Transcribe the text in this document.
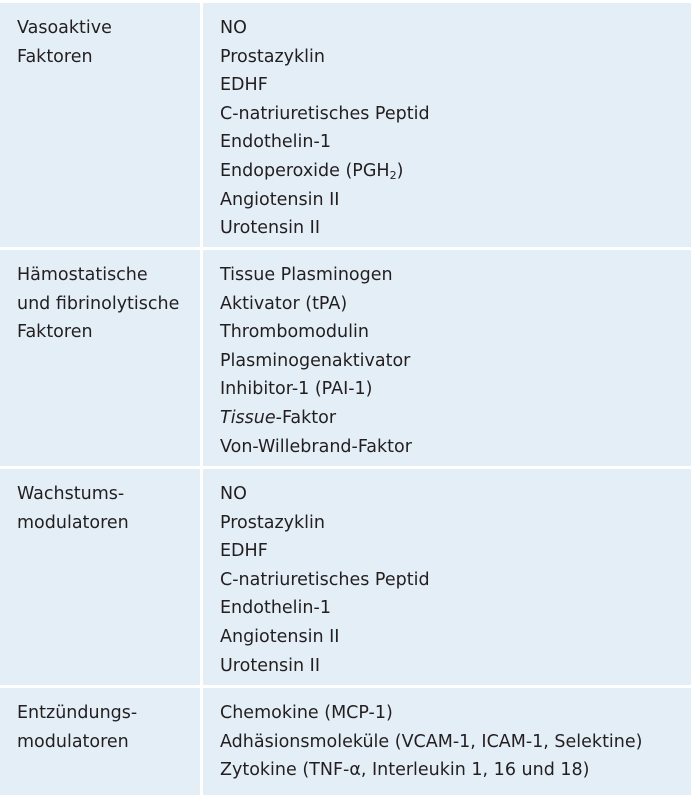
Vasoaktive
Faktoren
NO
Prostazyklin
EDHF
C-natriuretisches Peptid
Endothelin-1
Endoperoxide $(PGH_2)$
Angiotensin II
Urotensin II
Hämostatische
und fibrinolytische
Faktoren
Tissue Plasminogen
Aktivator (tPA)
Thrombomodulin
Plasminogenaktivator
Inhibitor-1 (PAI-1)
Tissue-Faktor
Von-Willebrand-Faktor
Wachstums-
modulatoren
NO
Prostazyklin
EDHF
C-natriuretisches Peptid
Endothelin-1
Angiotensin II
Urotensin II
Entzündungs-
modulatoren
Chemokine (MCP-1)
Adhäsionsmoleküle (VCAM-1, ICAM-1, Selektine)
Zytokine (TNF-α, Interleukin 1, 16 und 18)
